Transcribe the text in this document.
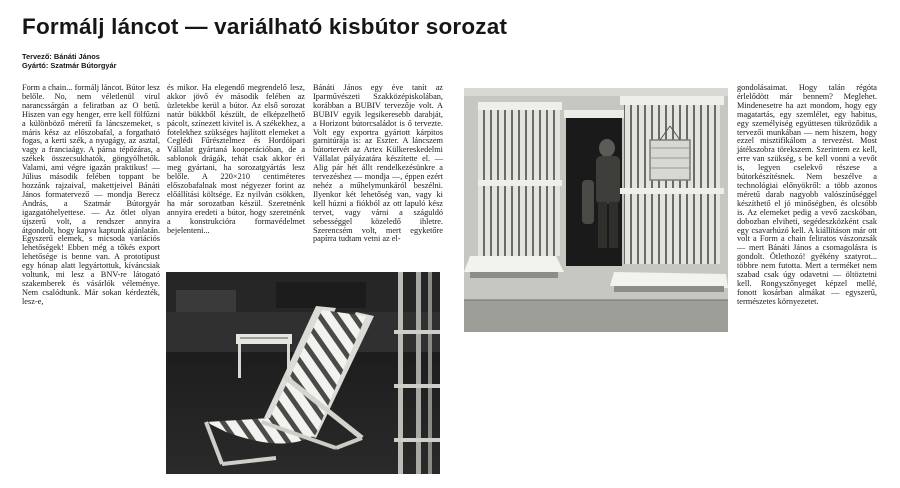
Formálj láncot — variálható kisbútor sorozat
Tervező: Bánáti János
Gyártó: Szatmár Bútorgyár

Form a chain... formálj láncot. Bútor lesz belőle. No, nem véletlenül virul narancssárgán a feliratban az O betű. Hiszen van egy henger, erre kell fölfűzni a különböző méretű fa láncszemeket, s máris kész az előszobafal, a forgatható fogas, a kerti szék, a nyugágy, az asztal, vagy a franciaágy. A párna tépőzáras, a székek összecsukhatók, göngyölhetők. Valami, ami végre igazán praktikus! — Július második felében toppant be hozzánk rajzaival, makettjeivel Bánáti János formatervező — mondja Berecz András, a Szatmár Bútorgyár igazgatóhelyettese. — Az ötlet olyan újszerű volt, a rendszer annyira átgondolt, hogy kapva kaptunk ajánlatán. Egyszerű elemek, s micsoda variációs lehetőségek! Ebben még a tőkés export lehetősége is benne van. A prototípust egy hónap alatt legyártottuk, kíváncsiak voltunk, mi lesz a BNV-re látogató szakemberek és vásárlók véleménye. Nem csalódtunk. Már sokan kérdezték, lesz-e,

és mikor. Ha elegendő megrendelő lesz, akkor jövő év második felében az üzletekbe kerül a bútor. Az első sorozat natúr bükkből készült, de elképzelhető pácolt, színezett kivitel is. A székekhez, a fotelekhez szükséges hajlított elemeket a Ceglédi Fűrésztelmez és Hordóipari Vállalat gyártaná kooperációban, de a sablonok drágák, tehát csak akkor éri meg gyártani, ha sorozatgyártás lesz belőle. A 220×210 centiméteres előszobafalnak most négyezer forint az előállítási költsége. Ez nyilván csökken, ha már sorozatban készül. Szeretnénk annyira eredeti a bútor, hogy szeretnénk a konstrukcióra formavédelmet bejelenteni...

Bánáti János egy éve tanít az Iparművészeti Szakközépiskolában, korábban a BUBIV tervezője volt. A BUBIV egyik legsikeresebb darabját, a Horizont bútorcsaládot is ő tervezte. Volt egy exportra gyártott kárpitos garnitúrája is: az Eszter. A láncszem bútortervét az Artex Külkereskedelmi Vállalat pályázatára készítette el. — Alig pár hét állt rendelkezésünkre a tervezéshez — mondja —, éppen ezért nehéz a műhelymunkáról beszélni. Ilyenkor két lehetőség van, vagy ki kell húzni a fiókból az ott lapuló kész tervet, vagy várni a száguldó sebességgel közeledő ihletre. Szerencsém volt, mert egyketőre papírra tudtam vetni az el-

gondolásaimat. Hogy talán régóta érlelődött már bennem? Meglehet. Mindenesetre ha azt mondom, hogy egy magatartás, egy szemlélet, egy habitus, egy személyiség együttesen tükröződik a tervezői munkában — nem hiszem, hogy ezzel misztifikálom a tervezést. Most játékszobra törekszem. Szerintem ez kell, erre van szükség, s be kell vonni a vevőt is, legyen cselekvő részese a bútorkészítésnek. Nem beszélve a technológiai előnyökről: a több azonos méretű darab nagyobb valószínűséggel készíthető el jó minőségben, és olcsóbb is. Az elemeket pedig a vevő zacskóban, dobozban elviheti, segédeszközként csak egy csavarhúzó kell. A kiállításon már ott volt a Form a chain feliratos vászonzsák — mert Bánáti János a csomagolásra is gondolt. Ötlethozó! gyékény szatyrot... többre nem futotta. Mert a terméket nem szabad csak úgy odavetni — öltöztetni kell. Rongyszőnyeget képzel mellé, fonott kosárban almákat — egyszerű, természetes környezetet.
